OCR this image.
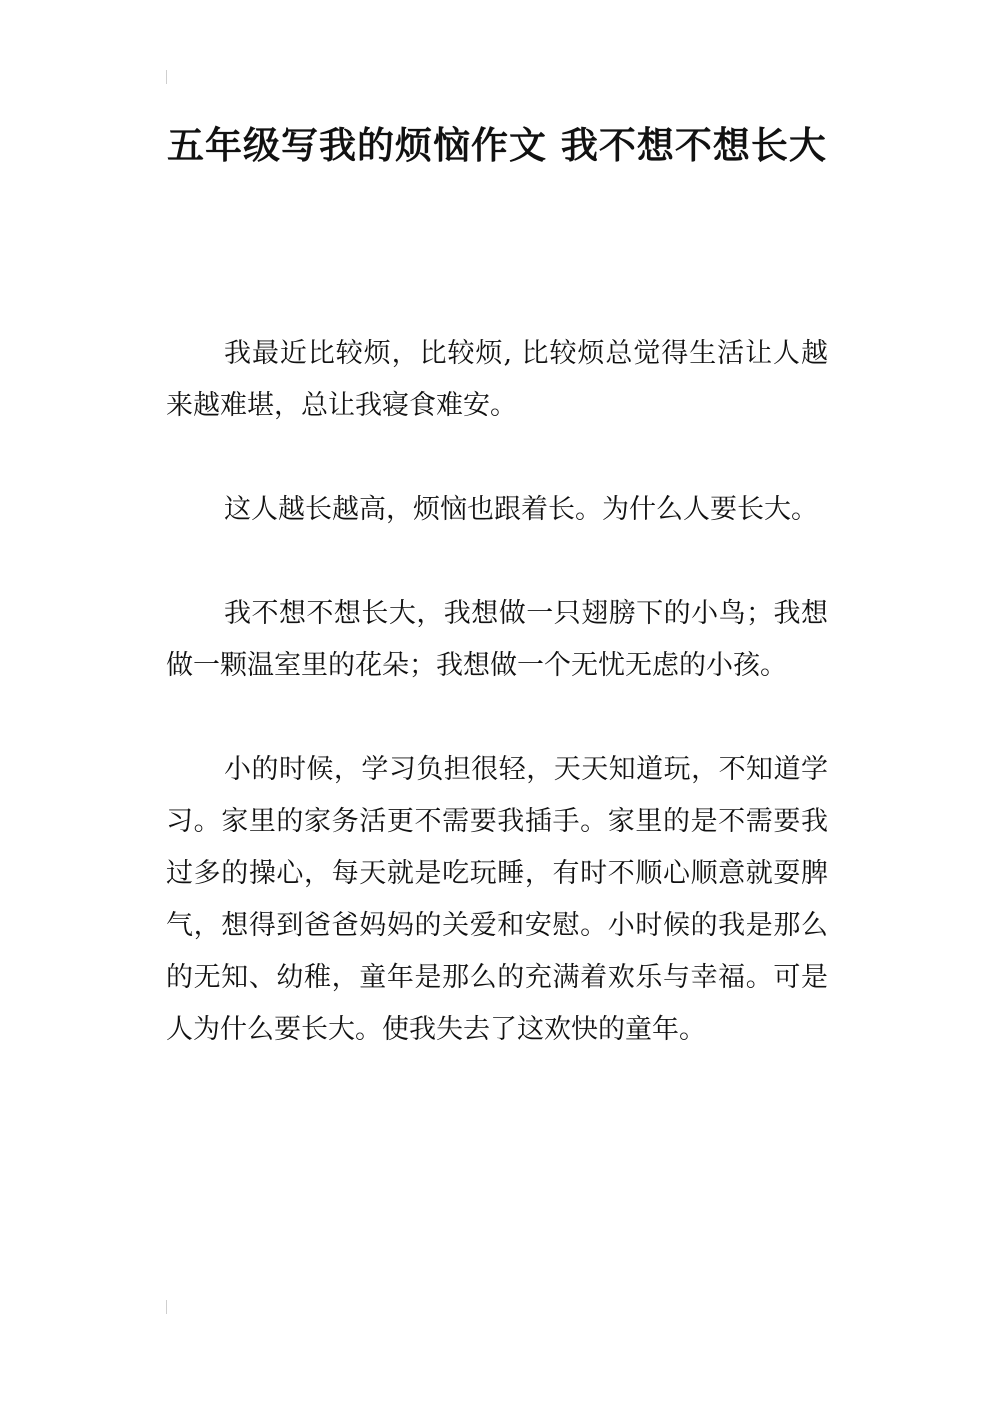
五年级写我的烦恼作文 我不想不想长大

我最近比较烦，比较烦, 比较烦总觉得生活让人越来越难堪，总让我寝食难安。

这人越长越高，烦恼也跟着长。为什么人要长大。

我不想不想长大，我想做一只翅膀下的小鸟；我想做一颗温室里的花朵；我想做一个无忧无虑的小孩。

小的时候，学习负担很轻，天天知道玩，不知道学习。家里的家务活更不需要我插手。家里的是不需要我过多的操心，每天就是吃玩睡，有时不顺心顺意就耍脾气，想得到爸爸妈妈的关爱和安慰。小时候的我是那么的无知、幼稚，童年是那么的充满着欢乐与幸福。可是人为什么要长大。使我失去了这欢快的童年。
